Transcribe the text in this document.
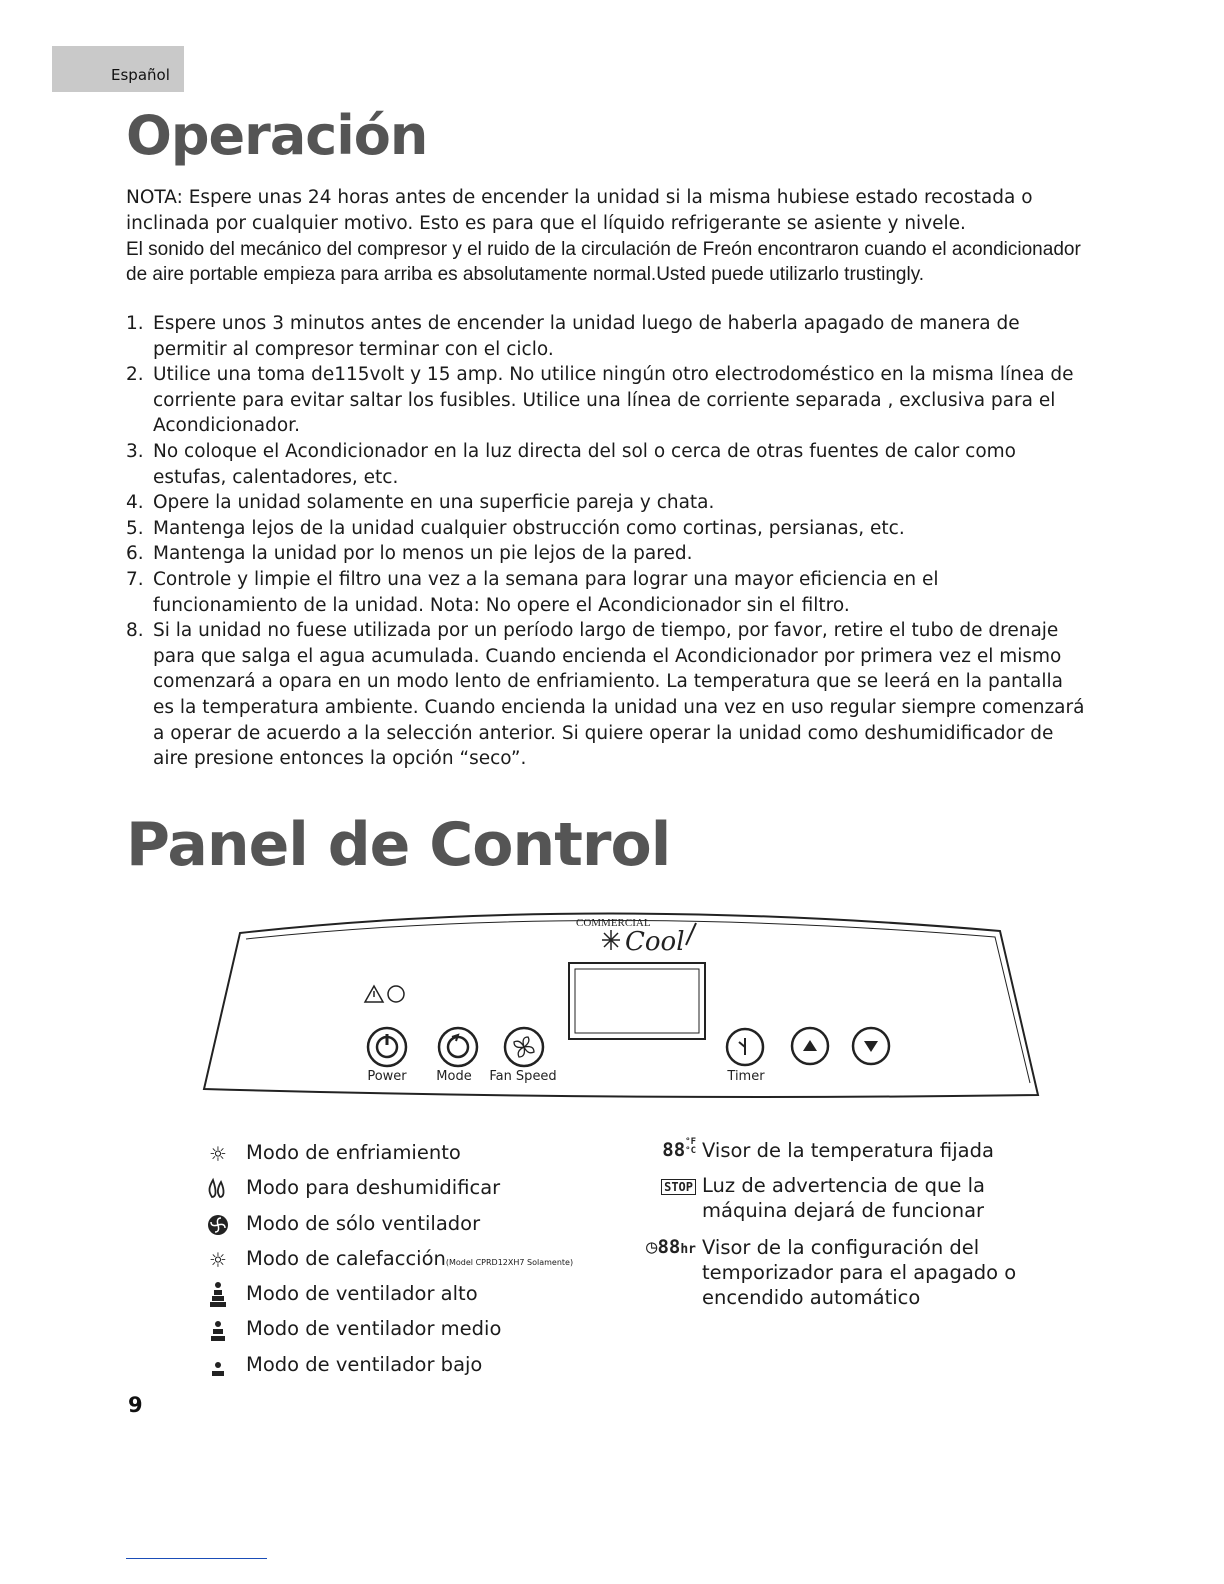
Español
Operación
NOTA: Espere unas 24 horas antes de encender la unidad si la misma hubiese estado recostada o inclinada por cualquier motivo. Esto es para que el líquido refrigerante se asiente y nivele.
El sonido del mecánico del compresor y el ruido de la circulación de Freón encontraron cuando el acondicionador de aire portable empieza para arriba es absolutamente normal.Usted puede utilizarlo trustingly.
1. Espere unos 3 minutos antes de encender la unidad luego de haberla apagado de manera de permitir al compresor terminar con el ciclo.
2. Utilice una toma de115volt y 15 amp. No utilice ningún otro electrodoméstico en la misma línea de corriente para evitar saltar los fusibles. Utilice una línea de corriente separada , exclusiva para el Acondicionador.
3. No coloque el Acondicionador en la luz directa del sol o cerca de otras fuentes de calor como estufas, calentadores, etc.
4. Opere la unidad solamente en una superficie pareja y chata.
5. Mantenga lejos de la unidad cualquier obstrucción como cortinas, persianas, etc.
6. Mantenga la unidad por lo menos un pie lejos de la pared.
7. Controle y limpie el filtro una vez a la semana para lograr una mayor eficiencia en el funcionamiento de la unidad. Nota: No opere el Acondicionador sin el filtro.
8. Si la unidad no fuese utilizada por un período largo de tiempo, por favor, retire el tubo de drenaje para que salga el agua acumulada. Cuando encienda el Acondicionador por primera vez el mismo comenzará a opara en un modo lento de enfriamiento. La temperatura que se leerá en la pantalla es la temperatura ambiente. Cuando encienda la unidad una vez en uso regular siempre comenzará a operar de acuerdo a la selección anterior. Si quiere operar la unidad como deshumidificador de aire presione entonces la opción “seco”.
Panel de Control
COMMERCIAL
Cool
Power	Mode	Fan Speed	Timer
☼ Modo de enfriamiento
Modo para deshumidificar
Modo de sólo ventilador
☼ Modo de calefacción(Model CPRD12XH7 Solamente)
Modo de ventilador alto
Modo de ventilador medio
Modo de ventilador bajo
88°F
°C Visor de la temperatura fijada
STOP Luz de advertencia de que la máquina dejará de funcionar
◷88hr Visor de la configuración del temporizador para el apagado o encendido automático
9
